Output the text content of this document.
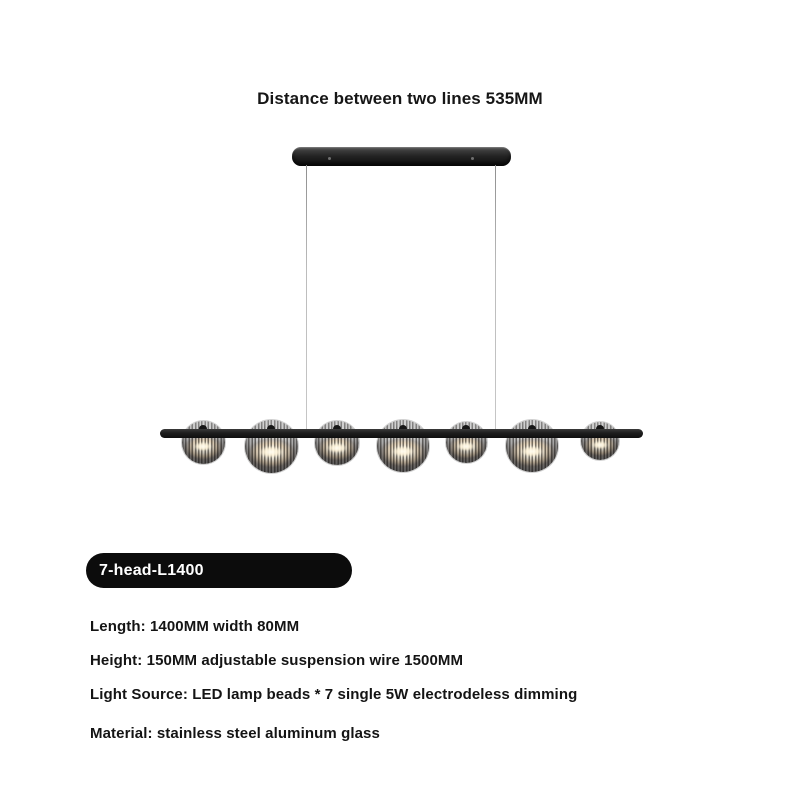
Distance between two lines 535MM
7-head-L1400
Length: 1400MM width 80MM
Height: 150MM adjustable suspension wire 1500MM
Light Source: LED lamp beads * 7 single 5W electrodeless dimming
Material: stainless steel aluminum glass
